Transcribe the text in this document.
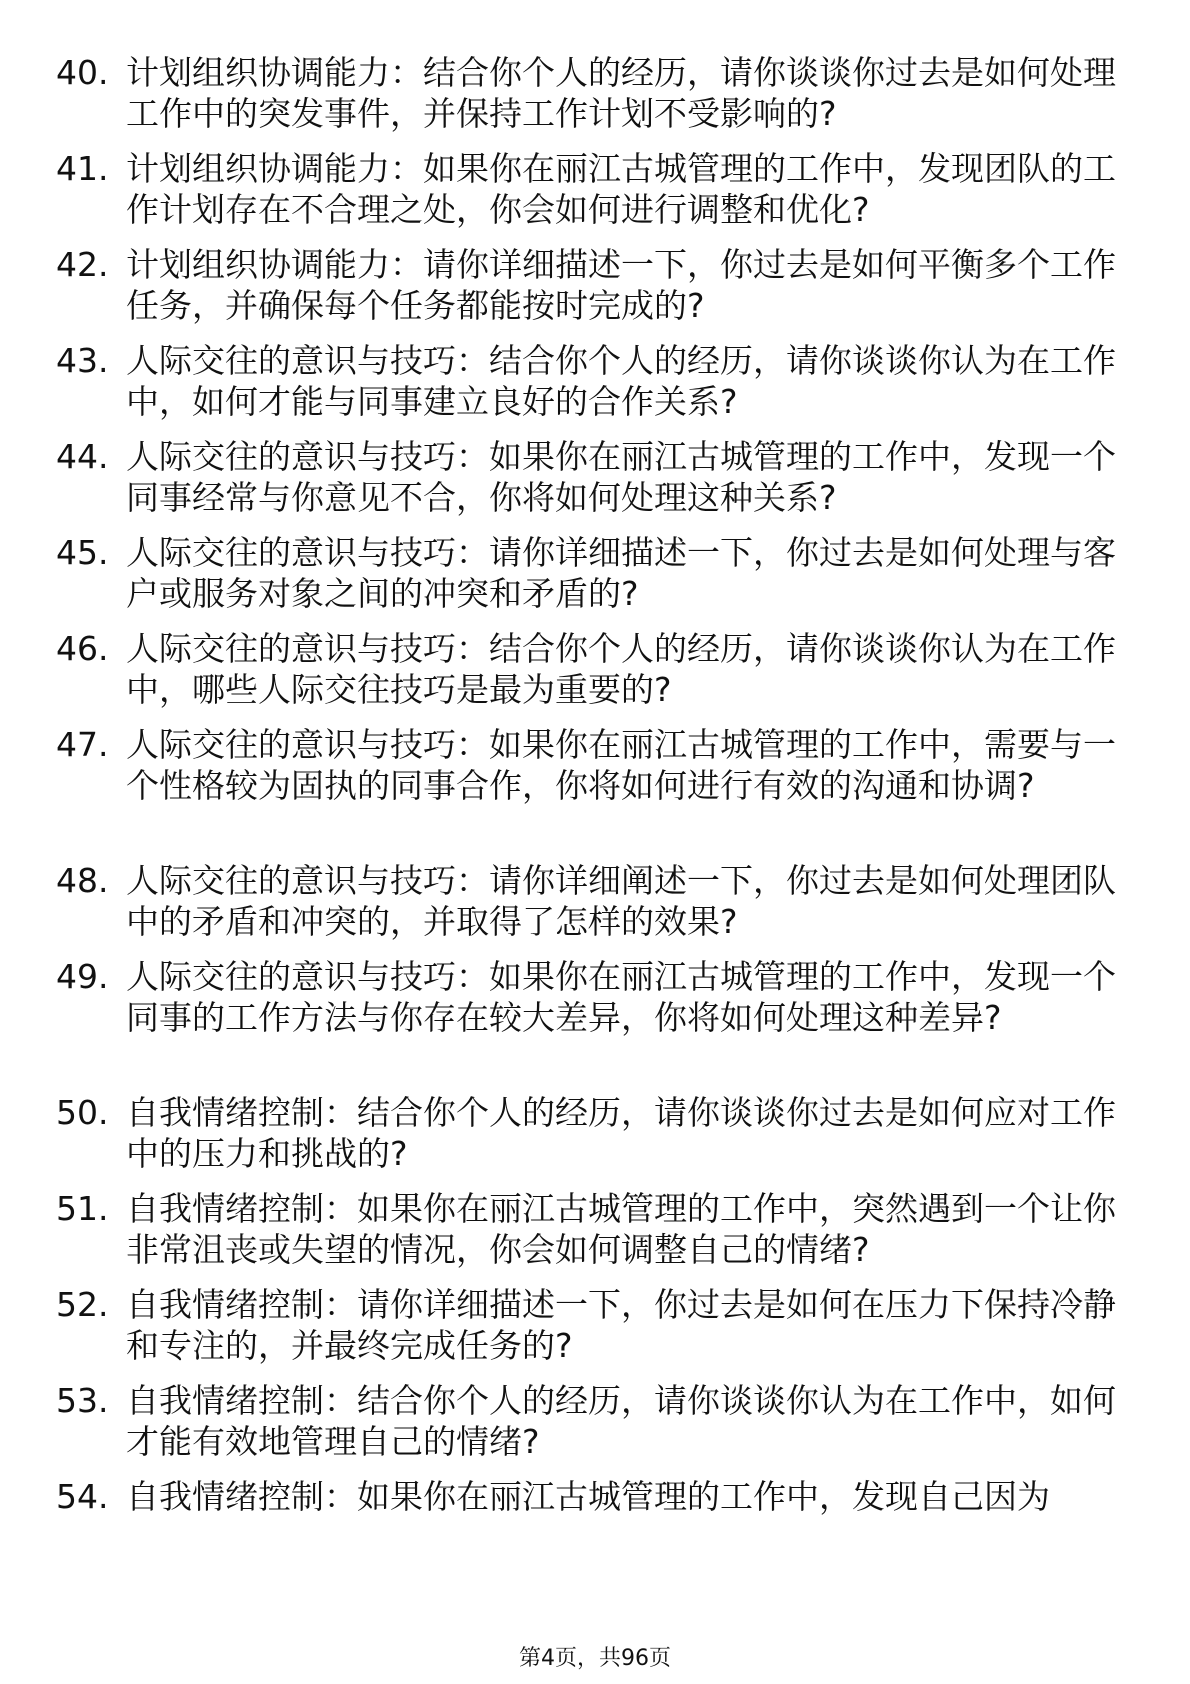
40. 计划组织协调能力：结合你个人的经历，请你谈谈你过去是如何处理工作中的突发事件，并保持工作计划不受影响的?
41. 计划组织协调能力：如果你在丽江古城管理的工作中，发现团队的工作计划存在不合理之处，你会如何进行调整和优化?
42. 计划组织协调能力：请你详细描述一下，你过去是如何平衡多个工作任务，并确保每个任务都能按时完成的?
43. 人际交往的意识与技巧：结合你个人的经历，请你谈谈你认为在工作中，如何才能与同事建立良好的合作关系?
44. 人际交往的意识与技巧：如果你在丽江古城管理的工作中，发现一个同事经常与你意见不合，你将如何处理这种关系?
45. 人际交往的意识与技巧：请你详细描述一下，你过去是如何处理与客户或服务对象之间的冲突和矛盾的?
46. 人际交往的意识与技巧：结合你个人的经历，请你谈谈你认为在工作中，哪些人际交往技巧是最为重要的?
47. 人际交往的意识与技巧：如果你在丽江古城管理的工作中，需要与一个性格较为固执的同事合作，你将如何进行有效的沟通和协调?
48. 人际交往的意识与技巧：请你详细阐述一下，你过去是如何处理团队中的矛盾和冲突的，并取得了怎样的效果?
49. 人际交往的意识与技巧：如果你在丽江古城管理的工作中，发现一个同事的工作方法与你存在较大差异，你将如何处理这种差异?
50. 自我情绪控制：结合你个人的经历，请你谈谈你过去是如何应对工作中的压力和挑战的?
51. 自我情绪控制：如果你在丽江古城管理的工作中，突然遇到一个让你非常沮丧或失望的情况，你会如何调整自己的情绪?
52. 自我情绪控制：请你详细描述一下，你过去是如何在压力下保持冷静和专注的，并最终完成任务的?
53. 自我情绪控制：结合你个人的经历，请你谈谈你认为在工作中，如何才能有效地管理自己的情绪?
54. 自我情绪控制：如果你在丽江古城管理的工作中，发现自己因为
第4页，共96页
